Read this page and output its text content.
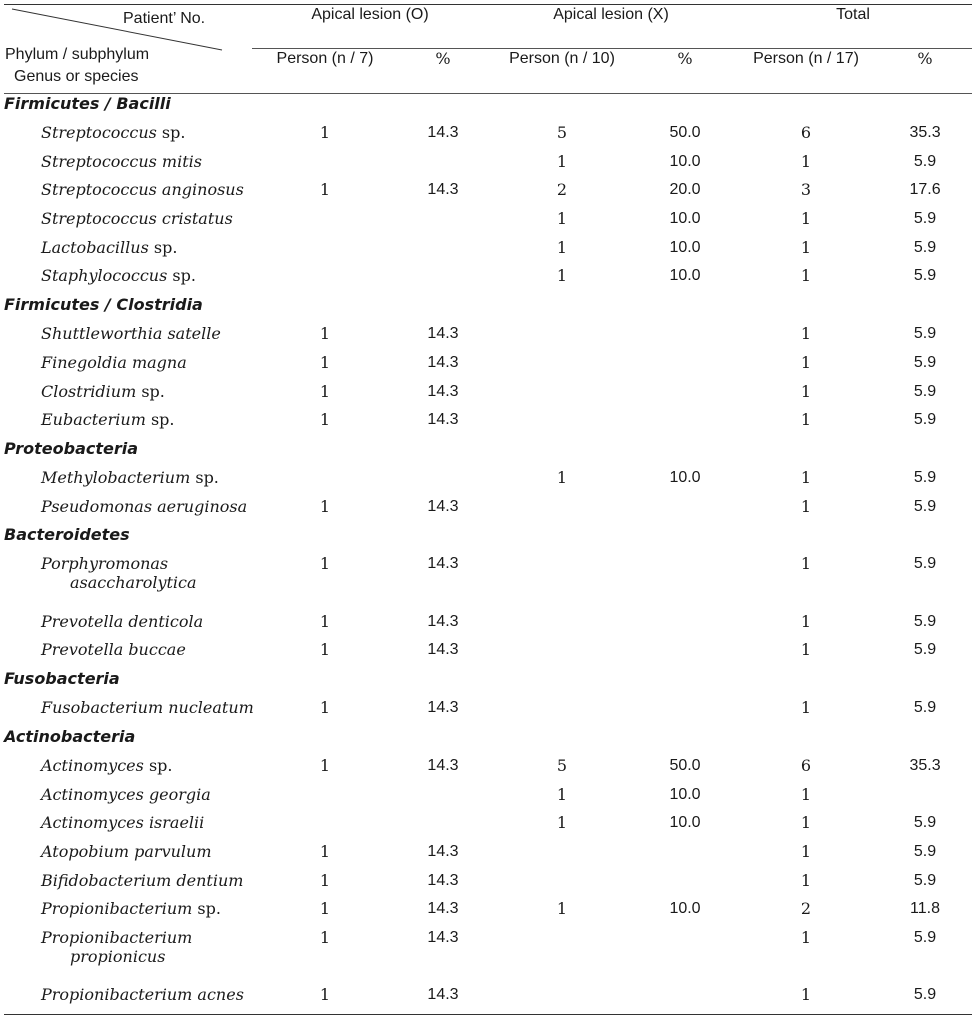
	Apical lesion (O)		Apical lesion (X)		Total	
	Person (n / 7)	%	Person (n / 10)	%	Person (n / 17)	%
Firmicutes / Bacilli						
Streptococcus sp.	1	14.3	5	50.0	6	35.3
Streptococcus mitis			1	10.0	1	5.9
Streptococcus anginosus	1	14.3	2	20.0	3	17.6
Streptococcus cristatus			1	10.0	1	5.9
Lactobacillus sp.			1	10.0	1	5.9
Staphylococcus sp.			1	10.0	1	5.9
Firmicutes / Clostridia						
Shuttleworthia satelle	1	14.3			1	5.9
Finegoldia magna	1	14.3			1	5.9
Clostridium sp.	1	14.3			1	5.9
Eubacterium sp.	1	14.3			1	5.9
Proteobacteria						
Methylobacterium sp.			1	10.0	1	5.9
Pseudomonas aeruginosa	1	14.3			1	5.9
Bacteroidetes						
Porphyromonas
asaccharolytica	1	14.3			1	5.9
Prevotella denticola	1	14.3			1	5.9
Prevotella buccae	1	14.3			1	5.9
Fusobacteria						
Fusobacterium nucleatum	1	14.3			1	5.9
Actinobacteria						
Actinomyces sp.	1	14.3	5	50.0	6	35.3
Actinomyces georgia			1	10.0	1	
Actinomyces israelii			1	10.0	1	5.9
Atopobium parvulum	1	14.3			1	5.9
Bifidobacterium dentium	1	14.3			1	5.9
Propionibacterium sp.	1	14.3	1	10.0	2	11.8
Propionibacterium
propionicus	1	14.3			1	5.9
Propionibacterium acnes	1	14.3			1	5.9
Patient’ No.
Phylum / subphylum
Genus or species
